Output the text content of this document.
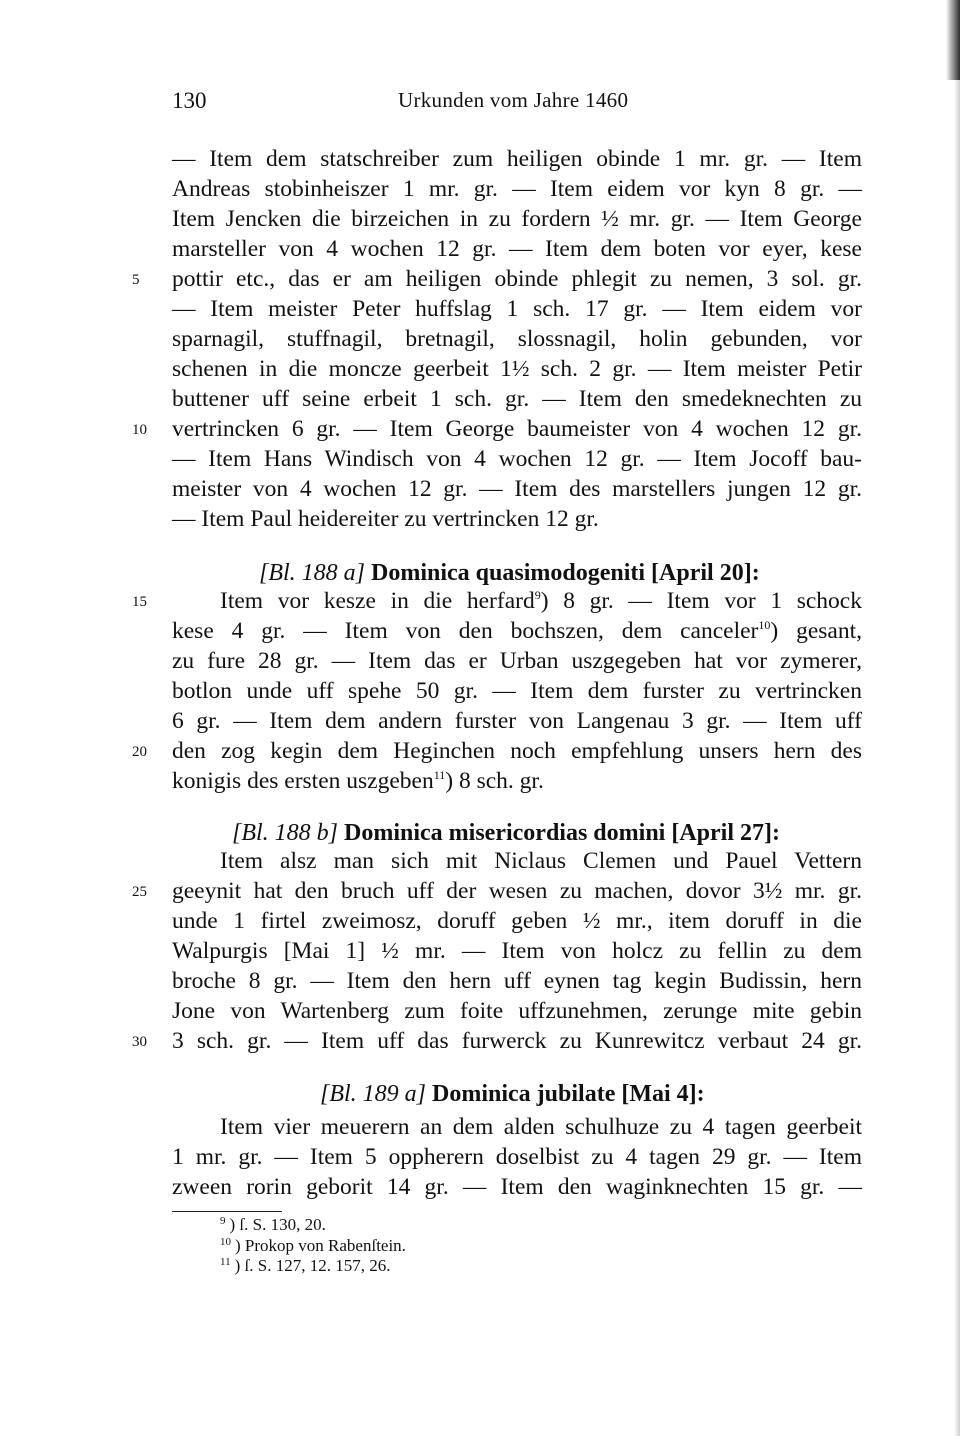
130	Urkunden vom Jahre 1460
— Item dem statschreiber zum heiligen obinde 1 mr. gr. — Item
Andreas stobinheiszer 1 mr. gr. — Item eidem vor kyn 8 gr. —
Item Jencken die birzeichen in zu fordern ½ mr. gr. — Item George
marsteller von 4 wochen 12 gr. — Item dem boten vor eyer, kese
5	pottir etc., das er am heiligen obinde phlegit zu nemen, 3 sol. gr.
— Item meister Peter huffslag 1 sch. 17 gr. — Item eidem vor
sparnagil, stuffnagil, bretnagil, slossnagil, holin gebunden, vor
schenen in die moncze geerbeit 1½ sch. 2 gr. — Item meister Petir
buttener uff seine erbeit 1 sch. gr. — Item den smedeknechten zu
10	vertrincken 6 gr. — Item George baumeister von 4 wochen 12 gr.
— Item Hans Windisch von 4 wochen 12 gr. — Item Jocoff bau-
meister von 4 wochen 12 gr. — Item des marstellers jungen 12 gr.
— Item Paul heidereiter zu vertrincken 12 gr.
[Bl. 188 a] Dominica quasimodogeniti [April 20]:
15	Item vor kesze in die herfard$^9$) 8 gr. — Item vor 1 schock
kese 4 gr. — Item von den bochszen, dem canceler$^{10}$) gesant,
zu fure 28 gr. — Item das er Urban uszgegeben hat vor zymerer,
botlon unde uff spehe 50 gr. — Item dem furster zu vertrincken
6 gr. — Item dem andern furster von Langenau 3 gr. — Item uff
20	den zog kegin dem Heginchen noch empfehlung unsers hern des
konigis des ersten uszgeben$^{11}$) 8 sch. gr.
[Bl. 188 b] Dominica misericordias domini [April 27]:
Item alsz man sich mit Niclaus Clemen und Pauel Vettern
25	geeynit hat den bruch uff der wesen zu machen, dovor 3½ mr. gr.
unde 1 firtel zweimosz, doruff geben ½ mr., item doruff in die
Walpurgis [Mai 1] ½ mr. — Item von holcz zu fellin zu dem
broche 8 gr. — Item den hern uff eynen tag kegin Budissin, hern
Jone von Wartenberg zum foite uffzunehmen, zerunge mite gebin
30	3 sch. gr. — Item uff das furwerck zu Kunrewitcz verbaut 24 gr.
[Bl. 189 a] Dominica jubilate [Mai 4]:
Item vier meuerern an dem alden schulhuze zu 4 tagen geerbeit
1 mr. gr. — Item 5 oppherern doselbist zu 4 tagen 29 gr. — Item
zween rorin geborit 14 gr. — Item den waginknechten 15 gr. —
$^9$ ) ſ. S. 130, 20.
$^{10}$ ) Prokop von Rabenſtein.
$^{11}$ ) ſ. S. 127, 12. 157, 26.
